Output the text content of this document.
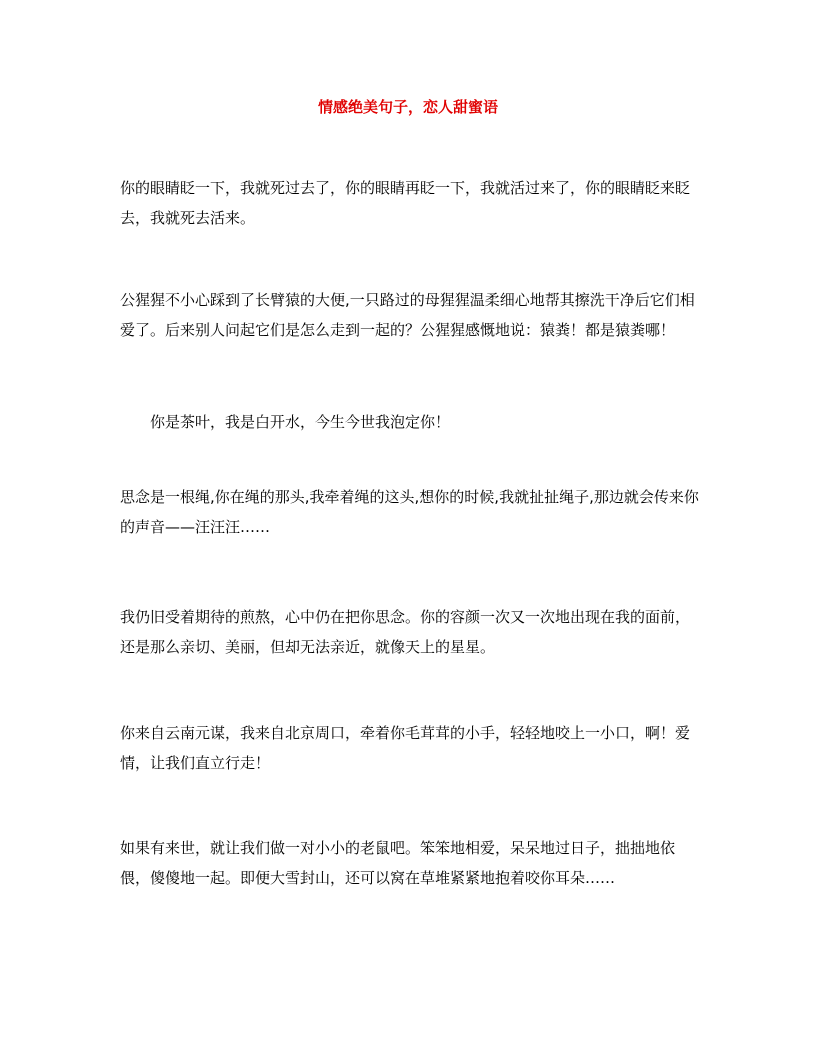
情感绝美句子，恋人甜蜜语

你的眼睛眨一下，我就死过去了，你的眼睛再眨一下，我就活过来了，你的眼睛眨来眨去，我就死去活来。

公猩猩不小心踩到了长臂猿的大便,一只路过的母猩猩温柔细心地帮其擦洗干净后它们相爱了。后来别人问起它们是怎么走到一起的？公猩猩感慨地说：猿粪！都是猿粪哪！

你是茶叶，我是白开水，今生今世我泡定你！

思念是一根绳,你在绳的那头,我牵着绳的这头,想你的时候,我就扯扯绳子,那边就会传来你的声音——汪汪汪……

我仍旧受着期待的煎熬，心中仍在把你思念。你的容颜一次又一次地出现在我的面前，还是那么亲切、美丽，但却无法亲近，就像天上的星星。

你来自云南元谋，我来自北京周口，牵着你毛茸茸的小手，轻轻地咬上一小口，啊！爱情，让我们直立行走！

如果有来世，就让我们做一对小小的老鼠吧。笨笨地相爱，呆呆地过日子，拙拙地依偎，傻傻地一起。即便大雪封山，还可以窝在草堆紧紧地抱着咬你耳朵……
